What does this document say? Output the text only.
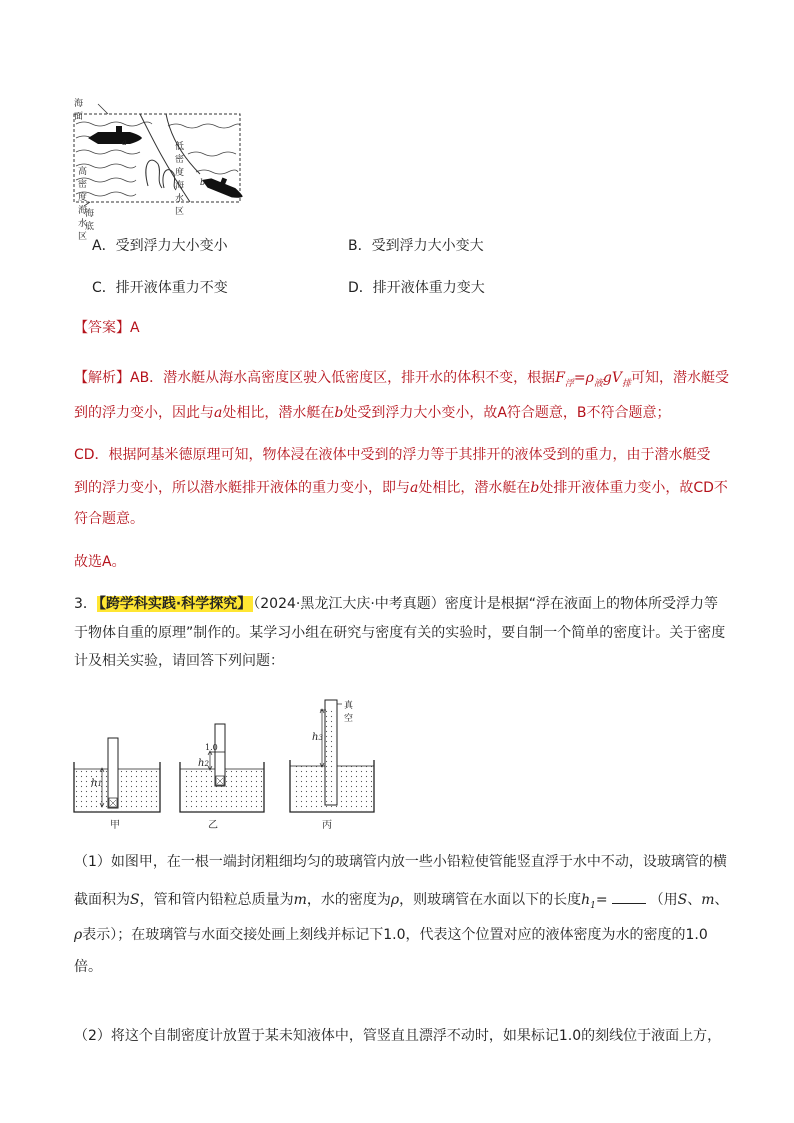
海面
低密度海水区
高密度海水区
海底
a
b
A．受到浮力大小变小	B．受到浮力大小变大
C．排开液体重力不变	D．排开液体重力变大
【答案】A
【解析】AB．潜水艇从海水高密度区驶入低密度区，排开水的体积不变，根据$F_浮=\rho_液gV_排$可知，潜水艇受
到的浮力变小，因此与a处相比，潜水艇在b处受到浮力大小变小，故A符合题意，B不符合题意；
CD．根据阿基米德原理可知，物体浸在液体中受到的浮力等于其排开的液体受到的重力，由于潜水艇受
到的浮力变小，所以潜水艇排开液体的重力变小，即与a处相比，潜水艇在b处排开液体重力变小，故CD不
符合题意。
故选A。
3． 【跨学科实践·科学探究】 （2024·黑龙江大庆·中考真题）密度计是根据“浮在液面上的物体所受浮力等
于物体自重的原理”制作的。某学习小组在研究与密度有关的实验时，要自制一个简单的密度计。关于密度
计及相关实验，请回答下列问题：
h1
h2
1.0
h3
真空
甲	乙	丙
（1）如图甲，在一根一端封闭粗细均匀的玻璃管内放一些小铅粒使管能竖直浮于水中不动，设玻璃管的横
截面积为S，管和管内铅粒总质量为m，水的密度为ρ，则玻璃管在水面以下的长度$h_1=$	（用S、m、
ρ表示）；在玻璃管与水面交接处画上刻线并标记下1.0，代表这个位置对应的液体密度为水的密度的1.0
倍。
（2）将这个自制密度计放置于某未知液体中，管竖直且漂浮不动时，如果标记1.0的刻线位于液面上方，
